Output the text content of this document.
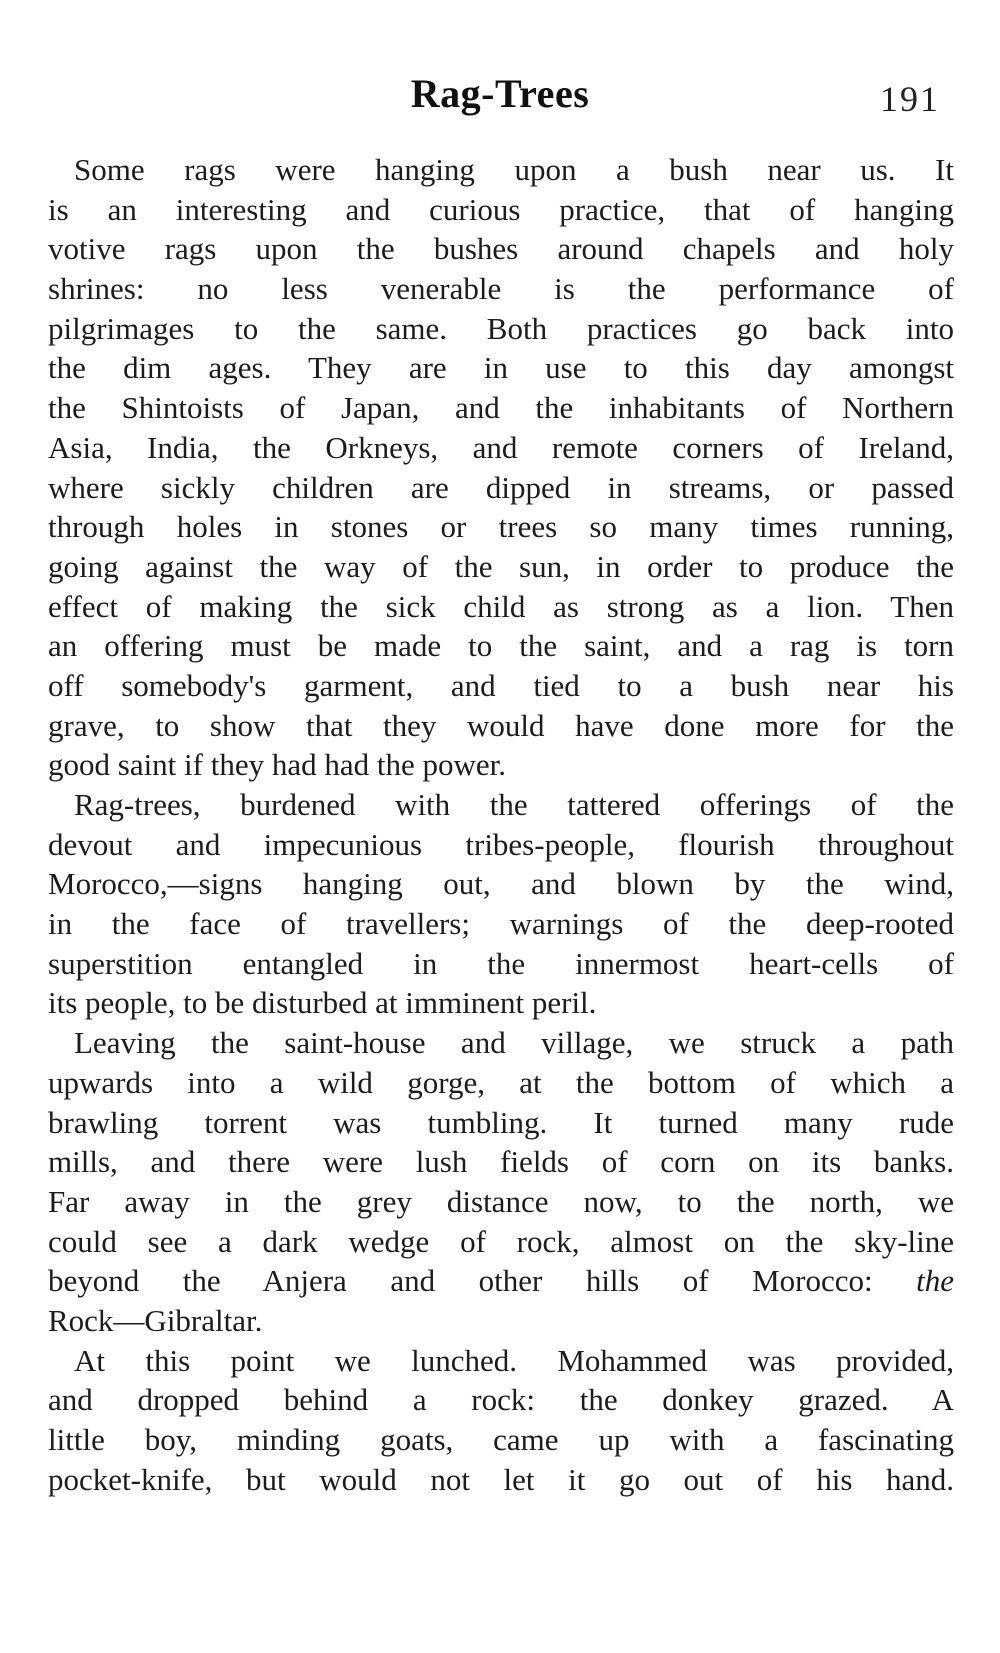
Rag-Trees	191
Some rags were hanging upon a bush near us. It
is an interesting and curious practice, that of hanging
votive rags upon the bushes around chapels and holy
shrines: no less venerable is the performance of
pilgrimages to the same. Both practices go back into
the dim ages. They are in use to this day amongst
the Shintoists of Japan, and the inhabitants of Northern
Asia, India, the Orkneys, and remote corners of Ireland,
where sickly children are dipped in streams, or passed
through holes in stones or trees so many times running,
going against the way of the sun, in order to produce the
effect of making the sick child as strong as a lion. Then
an offering must be made to the saint, and a rag is torn
off somebody's garment, and tied to a bush near his
grave, to show that they would have done more for the
good saint if they had had the power.
Rag-trees, burdened with the tattered offerings of the
devout and impecunious tribes-people, flourish throughout
Morocco,—signs hanging out, and blown by the wind,
in the face of travellers; warnings of the deep-rooted
superstition entangled in the innermost heart-cells of
its people, to be disturbed at imminent peril.
Leaving the saint-house and village, we struck a path
upwards into a wild gorge, at the bottom of which a
brawling torrent was tumbling. It turned many rude
mills, and there were lush fields of corn on its banks.
Far away in the grey distance now, to the north, we
could see a dark wedge of rock, almost on the sky-line
beyond the Anjera and other hills of Morocco: the
Rock—Gibraltar.
At this point we lunched. Mohammed was provided,
and dropped behind a rock: the donkey grazed. A
little boy, minding goats, came up with a fascinating
pocket-knife, but would not let it go out of his hand.
